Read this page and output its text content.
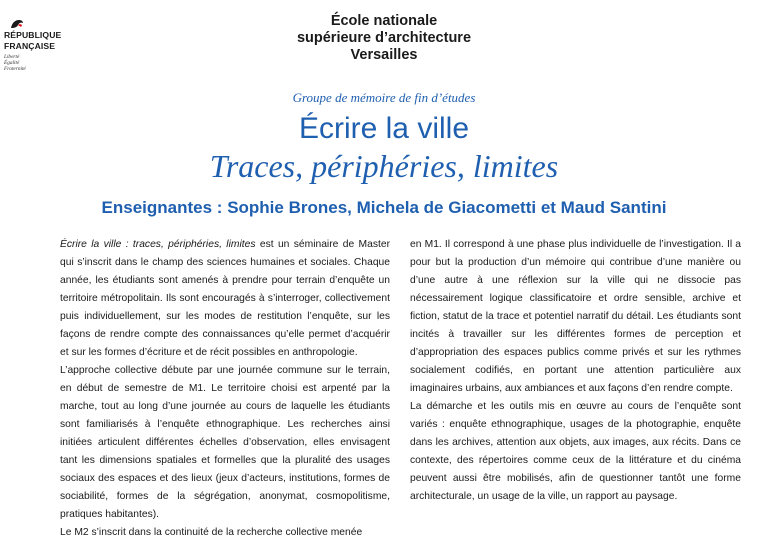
RÉPUBLIQUE
FRANÇAISE
Liberté
Égalité
Fraternité
École nationale
supérieure d’architecture
Versailles
Groupe de mémoire de fin d’études
Écrire la ville
Traces, périphéries, limites
Enseignantes : Sophie Brones, Michela de Giacometti et Maud Santini

Écrire la ville : traces, périphéries, limites est un séminaire de Master qui s’inscrit dans le champ des sciences humaines et sociales. Chaque année, les étudiants sont amenés à prendre pour terrain d’enquête un territoire métropolitain. Ils sont encouragés à s’interroger, collectivement puis individuellement, sur les modes de restitution l’enquête, sur les façons de rendre compte des connaissances qu’elle permet d’acquérir et sur les formes d’écriture et de récit possibles en anthropologie.

L’approche collective débute par une journée commune sur le terrain, en début de semestre de M1. Le territoire choisi est arpenté par la marche, tout au long d’une journée au cours de laquelle les étudiants sont familiarisés à l’enquête ethnographique. Les recherches ainsi initiées articulent différentes échelles d’observation, elles envisagent tant les dimensions spatiales et formelles que la pluralité des usages sociaux des espaces et des lieux (jeux d’acteurs, institutions, formes de sociabilité, formes de la ségrégation, anonymat, cosmopolitisme, pratiques habitantes).

Le M2 s’inscrit dans la continuité de la recherche collective menée

en M1. Il correspond à une phase plus individuelle de l’investigation. Il a pour but la production d’un mémoire qui contribue d’une manière ou d’une autre à une réflexion sur la ville qui ne dissocie pas nécessairement logique classificatoire et ordre sensible, archive et fiction, statut de la trace et potentiel narratif du détail. Les étudiants sont incités à travailler sur les différentes formes de perception et d’appropriation des espaces publics comme privés et sur les rythmes socialement codifiés, en portant une attention particulière aux imaginaires urbains, aux ambiances et aux façons d’en rendre compte.

La démarche et les outils mis en œuvre au cours de l’enquête sont variés : enquête ethnographique, usages de la photographie, enquête dans les archives, attention aux objets, aux images, aux récits. Dans ce contexte, des répertoires comme ceux de la littérature et du cinéma peuvent aussi être mobilisés, afin de questionner tantôt une forme architecturale, un usage de la ville, un rapport au paysage.
